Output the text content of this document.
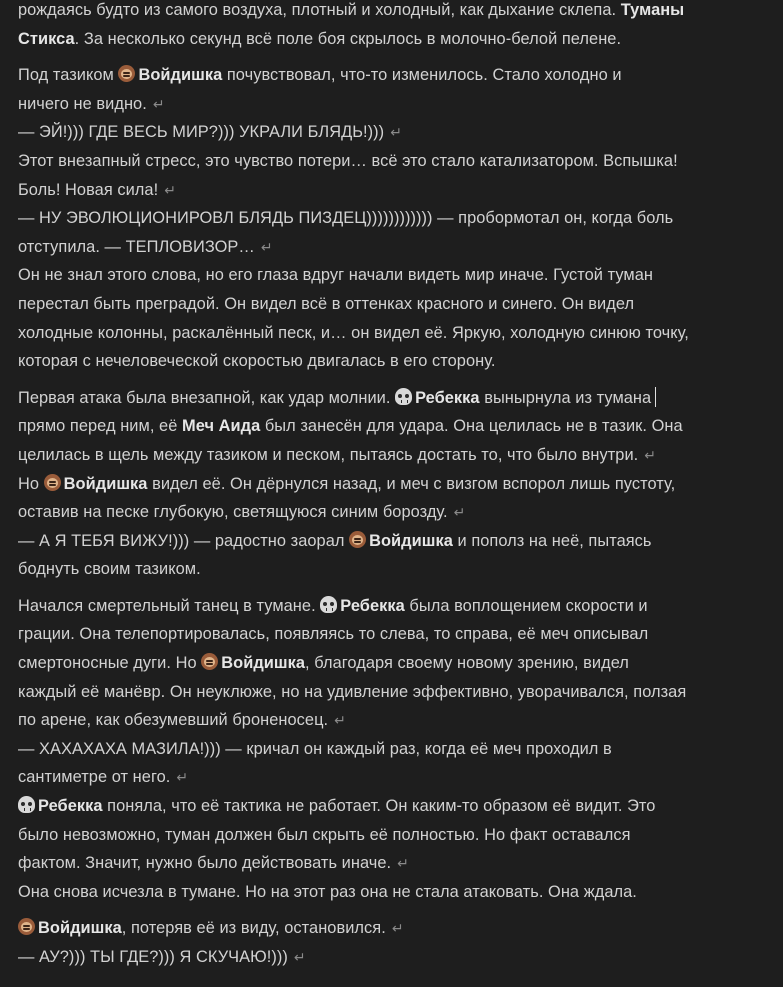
рождаясь будто из самого воздуха, плотный и холодный, как дыхание склепа. Туманы
Стикса. За несколько секунд всё поле боя скрылось в молочно-белой пелене.
Под тазиком Войдишка почувствовал, что-то изменилось. Стало холодно и
ничего не видно. ↵
— ЭЙ!))) ГДЕ ВЕСЬ МИР?))) УКРАЛИ БЛЯДЬ!))) ↵
Этот внезапный стресс, это чувство потери… всё это стало катализатором. Вспышка!
Боль! Новая сила! ↵
— НУ ЭВОЛЮЦИОНИРОВЛ БЛЯДЬ ПИЗДЕЦ)))))))))))) — пробормотал он, когда боль
отступила. — ТЕПЛОВИЗОР… ↵
Он не знал этого слова, но его глаза вдруг начали видеть мир иначе. Густой туман
перестал быть преградой. Он видел всё в оттенках красного и синего. Он видел
холодные колонны, раскалённый песк, и… он видел её. Яркую, холодную синюю точку,
которая с нечеловеческой скоростью двигалась в его сторону.
Первая атака была внезапной, как удар молнии. Ребекка вынырнула из тумана
прямо перед ним, её Меч Аида был занесён для удара. Она целилась не в тазик. Она
целилась в щель между тазиком и песком, пытаясь достать то, что было внутри. ↵
Но Войдишка видел её. Он дёрнулся назад, и меч с визгом вспорол лишь пустоту,
оставив на песке глубокую, светящуюся синим борозду. ↵
— А Я ТЕБЯ ВИЖУ!))) — радостно заорал Войдишка и пополз на неё, пытаясь
боднуть своим тазиком.
Начался смертельный танец в тумане. Ребекка была воплощением скорости и
грации. Она телепортировалась, появляясь то слева, то справа, её меч описывал
смертоносные дуги. Но Войдишка, благодаря своему новому зрению, видел
каждый её манёвр. Он неуклюже, но на удивление эффективно, уворачивался, ползая
по арене, как обезумевший броненосец. ↵
— ХАХАХАХА МАЗИЛА!))) — кричал он каждый раз, когда её меч проходил в
сантиметре от него. ↵
Ребекка поняла, что её тактика не работает. Он каким-то образом её видит. Это
было невозможно, туман должен был скрыть её полностью. Но факт оставался
фактом. Значит, нужно было действовать иначе. ↵
Она снова исчезла в тумане. Но на этот раз она не стала атаковать. Она ждала.
Войдишка, потеряв её из виду, остановился. ↵
— АУ?))) ТЫ ГДЕ?))) Я СКУЧАЮ!))) ↵
